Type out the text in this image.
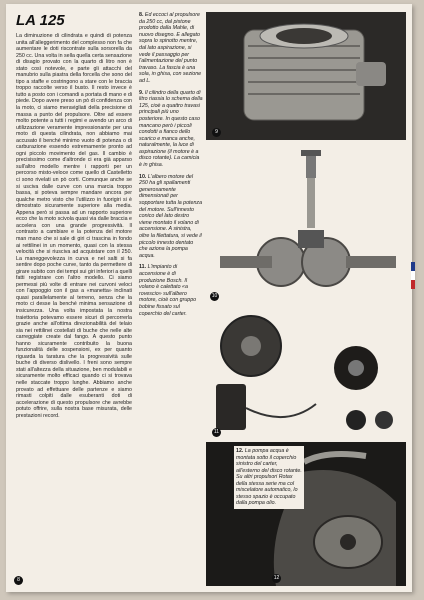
LA 125

La diminuzione di cilindrata e quindi di potenza unita all'alleggerimento del complesso non fa che aumentare le doti riscontrate sulla sorsorella da 250 cc. Una volta in sella quella certa sensazione di disagio provato con la quarto di litro non è stato così notevole, e parte gli attacchi del manubrio sulla piastra della forcella che sono del tipo a staffe e costringono a stare con le braccia troppo raccolte verso il busto. Il resto invece è tutto a posto con i comandi a portata di mano e di piede. Dopo avere preso un pò di confidenza con la moto, ci siamo meravigliati della precisione di massa a punto del propulsore. Oltre ad essere molto potente a tutti i regimi e avendo un arco di utilizzazione veramente impressionante per una moto di questa cilindrata, non abbiamo mai accusato il benché minimo vuoto di potenza o di carburazione essendo estremamente pronto ad ogni piccolo movimento del gas. Il cambio è precisissimo come d'altronde ci era già apparso sull'altro modello mentre i rapporti per un percorso misto-veloce come quello di Castelletto ci sono rivelati un pò corti. Comunque anche se si usciva dalle curve con una marcia troppo bassa, si poteva sempre mandare ancora per qualche metro visto che l'utilizzo in fuorigiri si è dimostrato sicuramente superiore alla media. Appena però si passa ad un rapporto superiore ecco che la moto scivola quasi via dalle braccia e accelera con una grande progressività. Il contrasto a cambiare e la potenza del motore man mano che si sale di giri ci trascina in fondo ai rettilinei in un momento, quasi con la stessa velocità che si riusciva ad acquistare con il 250. La maneggevolezza in curva e nel salti si fa sentire dopo poche curve, tanto da permettere di girare subito con dei tempi sui giri inferiori a quelli fatti registrare con l'altro modello. Ci siamo permessi più volte di entrare nei curvoni veloci con l'appoggio con il gas a «manetta» inclinati quasi parallelamente al terreno, senza che la moto ci desse la benché minima sensazione di insicurezza. Una volta impostata la nostra traiettoria potevamo essere sicuri di percorrerla grazie anche all'ottima direzionabilità del telaio sia nei rettilinei costellati di buche che nelle alte carreggiate create dal fango. A questo punto hanno sicuramente contribuito la buona funzionalità delle sospensioni, ex per quanto riguarda la taratura che la progressività sulle buche di diverso dislivello. I freni sono sempre stati all'altezza della situazione, ben modulabili e sicuramente molto efficaci quando ci si trovava nelle staccate troppo lunghe. Abbiamo anche provato ad effettuare delle partenze e siamo rimasti colpiti dalle esuberanti doti di accelerazione di questo propulsore che avrebbe potuto offrire, sulla nostra base misurata, delle prestazioni record.

8. Ed eccoci al propulsore da 250 cc, dal pistone prodotto dalla Mahle, di nuovo disegno. E allegato sopra lo spinotto mentre, dal lato aspirazione, si vede il passaggio per l'alimentazione del punto travaso. La fascia è una sola, in ghisa, con sezione ad L.

9. Il cilindro della quarto di litro riassia lo schema della 125, cioè a quattro travasi principali più uno posteriore. In questo caso mancano però i piccoli condotti a fianco dello scarico e manca anche, naturalmente, la luce di aspirazione (il motore è a disco rotante). La camicia è in ghisa.

10. L'albero motore del 250 ha gli spallamenti generosamente dimensionati per sopportare tutta la potenza del motore. Sull'innesto conico del lato destro viene montato il volano di accensione. A sinistra, oltre la filettatura, si vede il piccolo innesto dentato che aziona la pompa acqua.

11. L'impianto di accensione è di produzione Bosch. Il volano è calettato «a rovescio» sull'albero motore, cioè con gruppo bobine fissato sul coperchio del carter.

9
10
11
12
12. La pompa acqua è montata sotto il coperchio sinistro del carter, all'esterno del disco rotante. Su altri propulsori Rotax della stessa serie ma col miscelatore automatico, lo stesso spazio è occupato dalla pompa olio.
8
